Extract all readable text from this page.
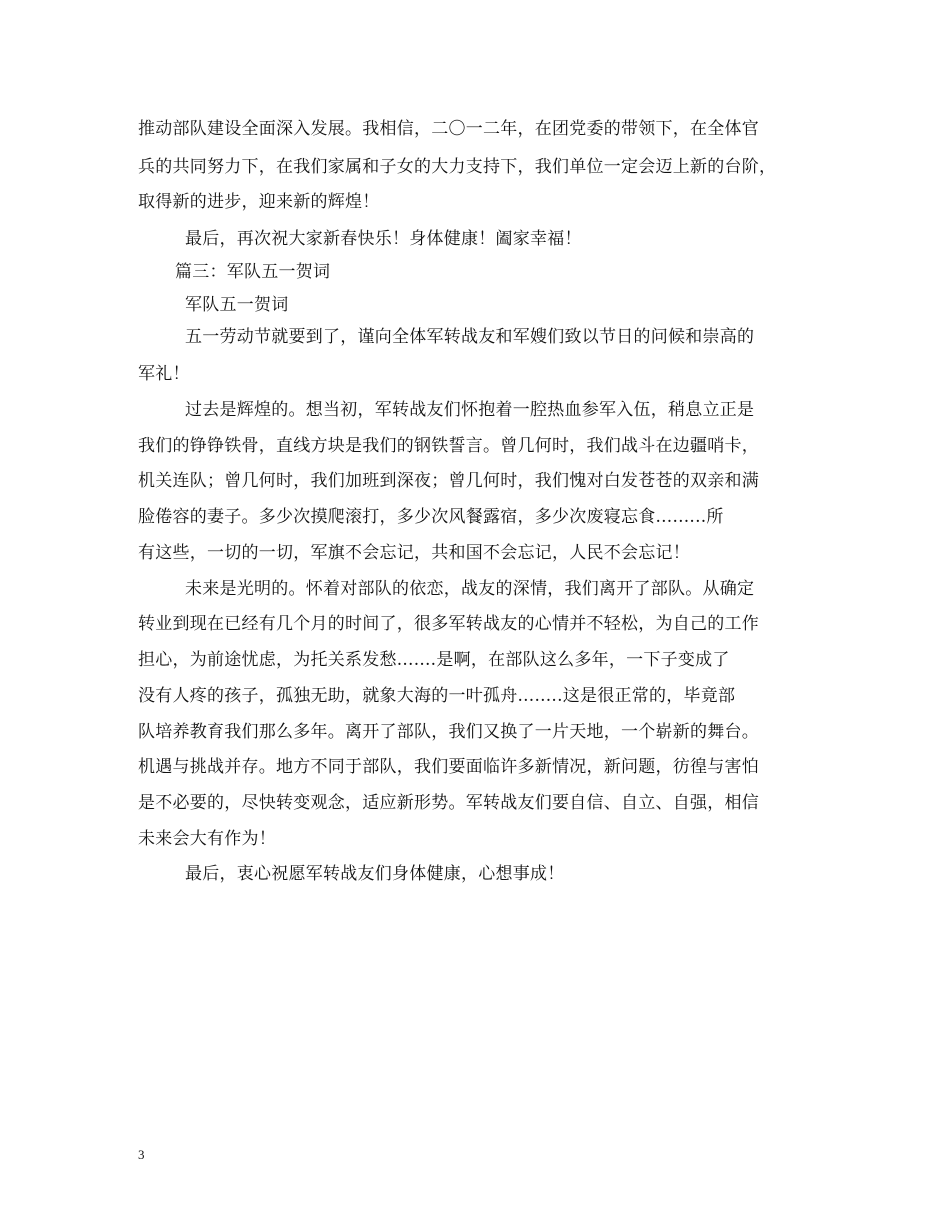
推动部队建设全面深入发展。我相信，二〇一二年，在团党委的带领下，在全体官
兵的共同努力下，在我们家属和子女的大力支持下，我们单位一定会迈上新的台阶，
取得新的进步，迎来新的辉煌！
最后，再次祝大家新春快乐！身体健康！阖家幸福！
篇三：军队五一贺词
军队五一贺词
五一劳动节就要到了，谨向全体军转战友和军嫂们致以节日的问候和崇高的
军礼！
过去是辉煌的。想当初，军转战友们怀抱着一腔热血参军入伍，稍息立正是
我们的铮铮铁骨，直线方块是我们的钢铁誓言。曾几何时，我们战斗在边疆哨卡，
机关连队；曾几何时，我们加班到深夜；曾几何时，我们愧对白发苍苍的双亲和满
脸倦容的妻子。多少次摸爬滚打，多少次风餐露宿，多少次废寝忘食.........所
有这些，一切的一切，军旗不会忘记，共和国不会忘记，人民不会忘记！
未来是光明的。怀着对部队的依恋，战友的深情，我们离开了部队。从确定
转业到现在已经有几个月的时间了，很多军转战友的心情并不轻松，为自己的工作
担心，为前途忧虑，为托关系发愁.......是啊，在部队这么多年，一下子变成了
没有人疼的孩子，孤独无助，就象大海的一叶孤舟........这是很正常的，毕竟部
队培养教育我们那么多年。离开了部队，我们又换了一片天地，一个崭新的舞台。
机遇与挑战并存。地方不同于部队，我们要面临许多新情况，新问题，彷徨与害怕
是不必要的，尽快转变观念，适应新形势。军转战友们要自信、自立、自强，相信
未来会大有作为！
最后，衷心祝愿军转战友们身体健康，心想事成！
3
